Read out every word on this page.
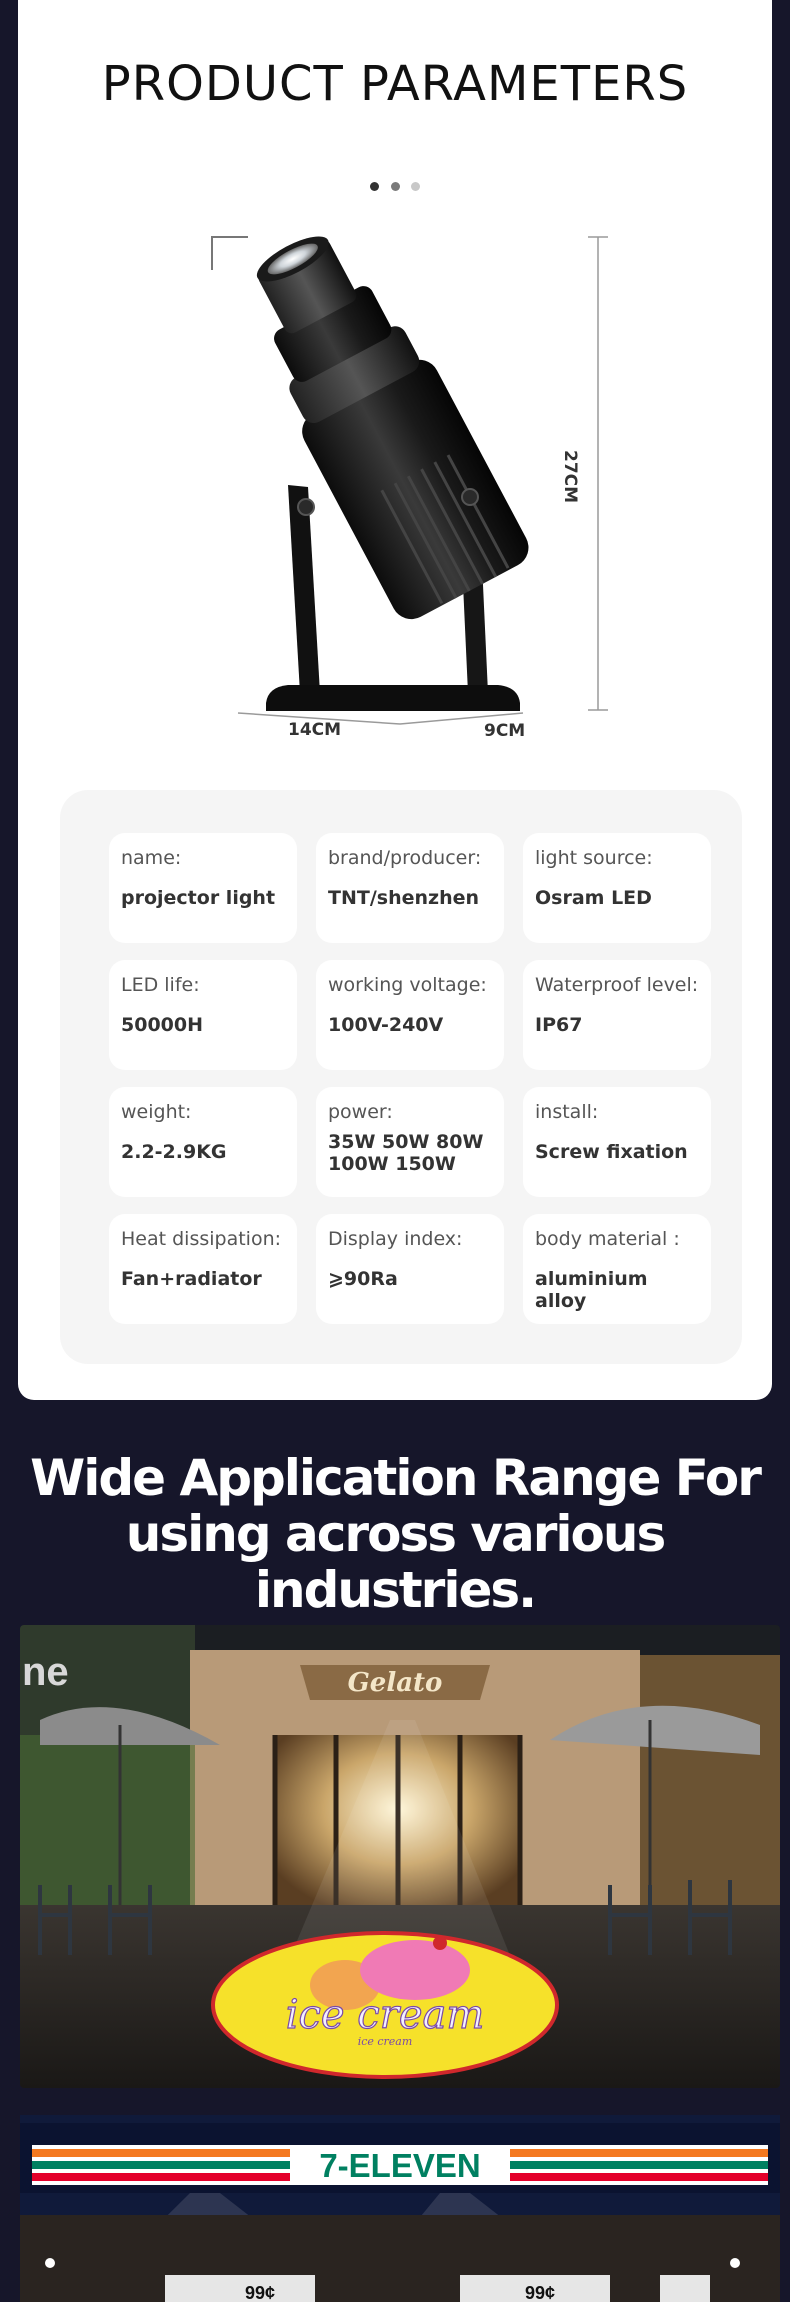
PRODUCT PARAMETERS

27CM
14CM	9CM
name:
projector light
brand/producer:
TNT/shenzhen
light source:
Osram LED
LED life:
50000H
working voltage:
100V-240V
Waterproof level:
IP67
weight:
2.2-2.9KG
power:
35W 50W 80W 100W 150W
install:
Screw fixation
Heat dissipation:
Fan+radiator
Display index:
⩾90Ra
body material :
aluminium alloy
Wide Application Range For
using across various industries.
Gelato
ne
ice cream
ice cream
7-ELEVEN
99¢	99¢
